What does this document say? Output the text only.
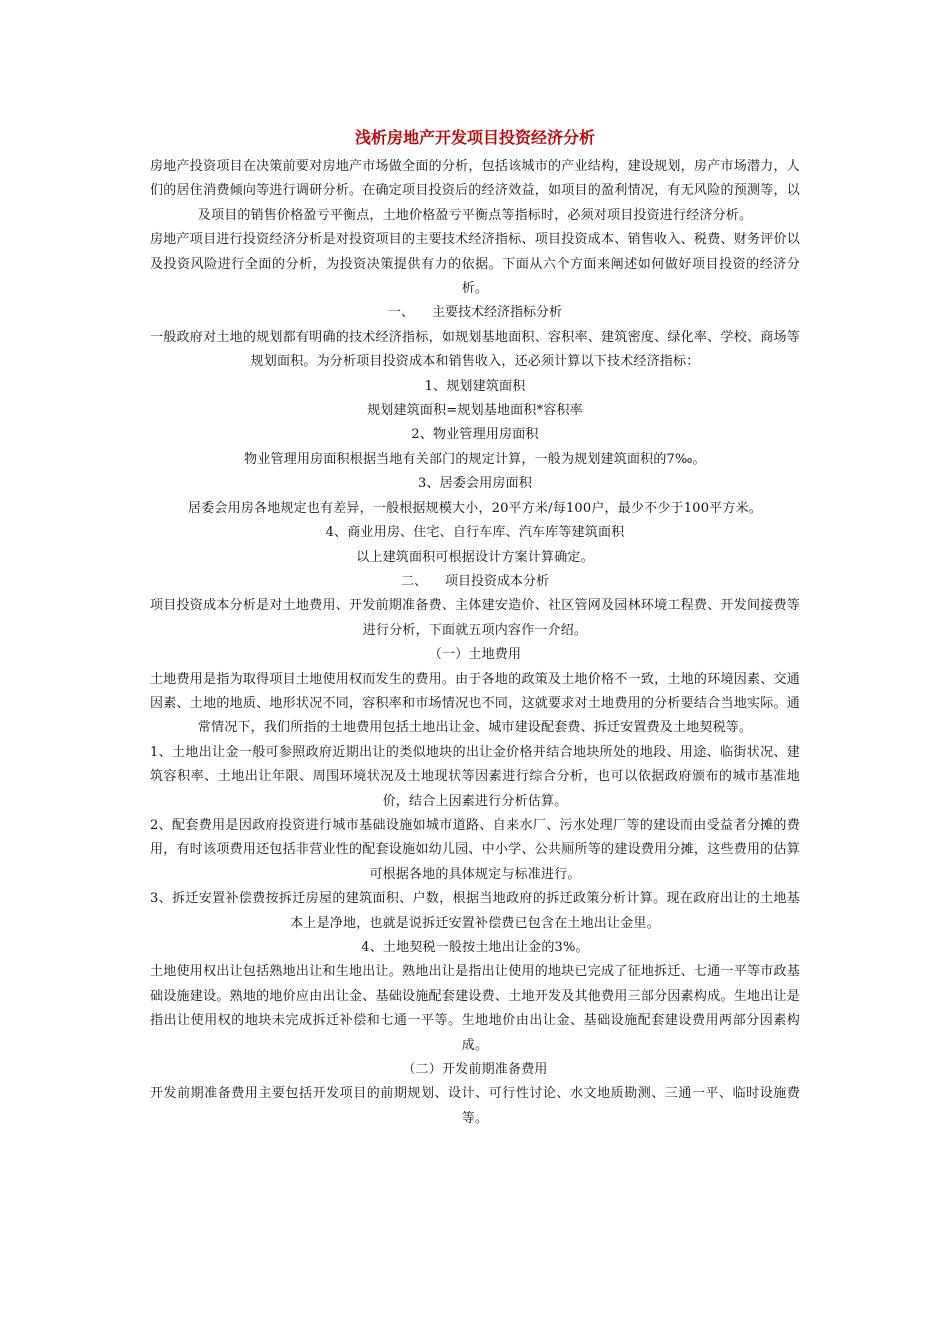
浅析房地产开发项目投资经济分析

房地产投资项目在决策前要对房地产市场做全面的分析，包括该城市的产业结构，建设规划，房产市场潜力，人们的居住消费倾向等进行调研分析。在确定项目投资后的经济效益，如项目的盈利情况，有无风险的预测等，以及项目的销售价格盈亏平衡点，土地价格盈亏平衡点等指标时，必须对项目投资进行经济分析。

房地产项目进行投资经济分析是对投资项目的主要技术经济指标、项目投资成本、销售收入、税费、财务评价以及投资风险进行全面的分析，为投资决策提供有力的依据。下面从六个方面来阐述如何做好项目投资的经济分析。

一、 主要技术经济指标分析

一般政府对土地的规划都有明确的技术经济指标，如规划基地面积、容积率、建筑密度、绿化率、学校、商场等规划面积。为分析项目投资成本和销售收入，还必须计算以下技术经济指标：

1、规划建筑面积

规划建筑面积=规划基地面积*容积率

2、物业管理用房面积

物业管理用房面积根据当地有关部门的规定计算，一般为规划建筑面积的7‰。

3、居委会用房面积

居委会用房各地规定也有差异，一般根据规模大小，20平方米/每100户，最少不少于100平方米。

4、商业用房、住宅、自行车库、汽车库等建筑面积

以上建筑面积可根据设计方案计算确定。

二、 项目投资成本分析

项目投资成本分析是对土地费用、开发前期准备费、主体建安造价、社区管网及园林环境工程费、开发间接费等进行分析，下面就五项内容作一介绍。

（一）土地费用

土地费用是指为取得项目土地使用权而发生的费用。由于各地的政策及土地价格不一致，土地的环境因素、交通因素、土地的地质、地形状况不同，容积率和市场情况也不同，这就要求对土地费用的分析要结合当地实际。通常情况下，我们所指的土地费用包括土地出让金、城市建设配套费、拆迁安置费及土地契税等。

1、土地出让金一般可参照政府近期出让的类似地块的出让金价格并结合地块所处的地段、用途、临街状况、建筑容积率、土地出让年限、周围环境状况及土地现状等因素进行综合分析，也可以依据政府颁布的城市基准地价，结合上因素进行分析估算。

2、配套费用是因政府投资进行城市基础设施如城市道路、自来水厂、污水处理厂等的建设而由受益者分摊的费用，有时该项费用还包括非营业性的配套设施如幼儿园、中小学、公共厕所等的建设费用分摊，这些费用的估算可根据各地的具体规定与标准进行。

3、拆迁安置补偿费按拆迁房屋的建筑面积、户数，根据当地政府的拆迁政策分析计算。现在政府出让的土地基本上是净地，也就是说拆迁安置补偿费已包含在土地出让金里。

4、土地契税一般按土地出让金的3%。

土地使用权出让包括熟地出让和生地出让。熟地出让是指出让使用的地块已完成了征地拆迁、七通一平等市政基础设施建设。熟地的地价应由出让金、基础设施配套建设费、土地开发及其他费用三部分因素构成。生地出让是指出让使用权的地块未完成拆迁补偿和七通一平等。生地地价由出让金、基础设施配套建设费用两部分因素构成。

（二）开发前期准备费用

开发前期准备费用主要包括开发项目的前期规划、设计、可行性讨论、水文地质勘测、三通一平、临时设施费等。
